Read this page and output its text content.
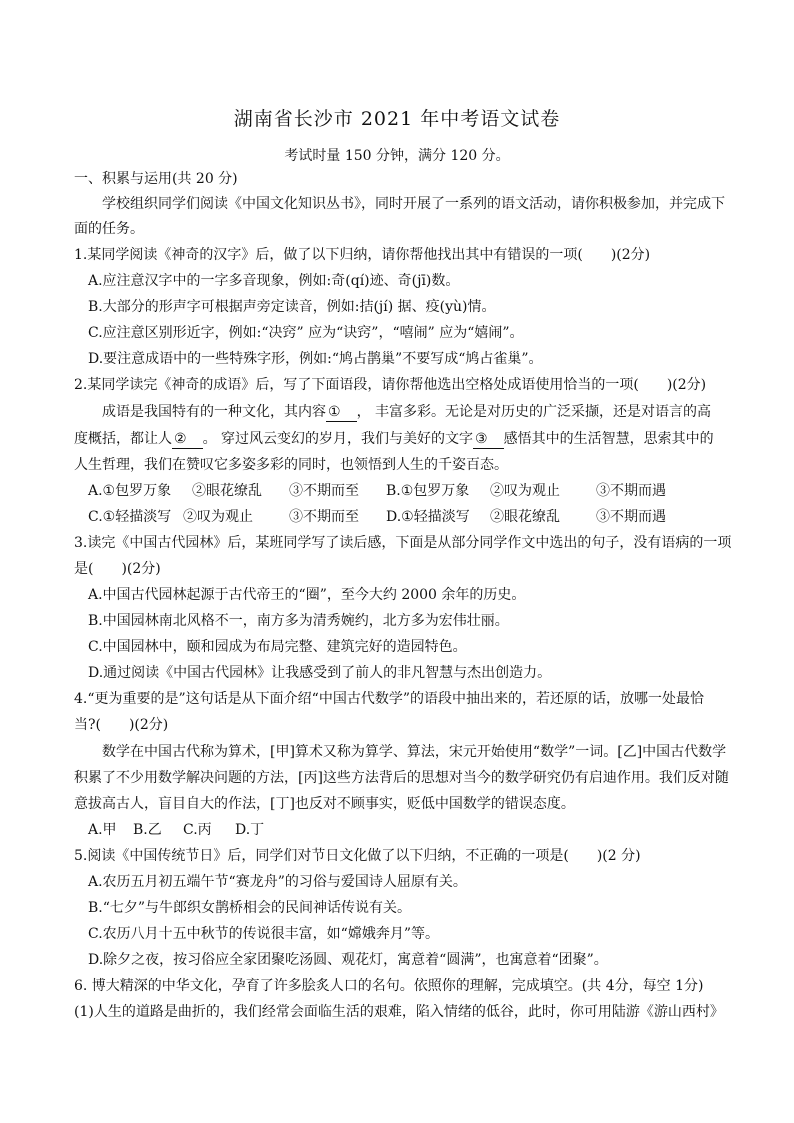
湖南省长沙市 2021 年中考语文试卷
考试时量 150 分钟，满分 120 分。
一、积累与运用(共 20 分)
学校组织同学们阅读《中国文化知识丛书》，同时开展了一系列的语文活动，请你积极参加，并完成下
面的任务。
1.某同学阅读《神奇的汉字》后，做了以下归纳，请你帮他找出其中有错误的一项(　　)(2分)
A.应注意汉字中的一字多音现象，例如:奇(qí)迹、奇(jī)数。
B.大部分的形声字可根据声旁定读音，例如:拮(jí) 据、疫(yù)情。
C.应注意区别形近字，例如:“决窍” 应为“诀窍”，“嘻闹” 应为“嬉闹”。
D.要注意成语中的一些特殊字形，例如:“鸠占鹊巢”不要写成“鸠占雀巢”。
2.某同学读完《神奇的成语》后，写了下面语段，请你帮他选出空格处成语使用恰当的一项(　　)(2分)
成语是我国特有的一种文化，其内容 ①　， 丰富多彩。无论是对历史的广泛采撷，还是对语言的高
度概括，都让人 ②　。 穿过风云变幻的岁月，我们与美好的文字 ③　感悟其中的生活智慧，思索其中的
人生哲理，我们在赞叹它多姿多彩的同时，也领悟到人生的千姿百态。
A.①包罗万象 ②眼花缭乱 ③不期而至 B.①包罗万象 ②叹为观止	③不期而遇
C.①轻描淡写 ②叹为观止	③不期而至 D.①轻描淡写 ②眼花缭乱	③不期而遇
3.读完《中国古代园林》后，某班同学写了读后感，下面是从部分同学作文中选出的句子，没有语病的一项
是(　　)(2分)
A.中国古代园林起源于古代帝王的“圈”，至今大约 2000 余年的历史。
B.中国园林南北风格不一，南方多为清秀婉约，北方多为宏伟壮丽。
C.中国园林中，颐和园成为布局完整、建筑完好的造园特色。
D.通过阅读《中国古代园林》让我感受到了前人的非凡智慧与杰出创造力。
4.“更为重要的是”这句话是从下面介绍“中国古代数学”的语段中抽出来的，若还原的话，放哪一处最恰
当?(　　)(2分)
数学在中国古代称为算术，[甲]算术又称为算学、算法，宋元开始使用“数学”一词。[乙]中国古代数学
积累了不少用数学解决问题的方法，[丙]这些方法背后的思想对当今的数学研究仍有启迪作用。我们反对随
意拔高古人，盲目自大的作法，[丁]也反对不顾事实，贬低中国数学的错误态度。
A.甲 B.乙 C.丙 D.丁
5.阅读《中国传统节日》后，同学们对节日文化做了以下归纳，不正确的一项是(　　)(2 分)
A.农历五月初五端午节“赛龙舟”的习俗与爱国诗人屈原有关。
B.“七夕”与牛郎织女鹊桥相会的民间神话传说有关。
C.农历八月十五中秋节的传说很丰富，如“嫦娥奔月”等。
D.除夕之夜，按习俗应全家团聚吃汤圆、观花灯，寓意着“圆满”，也寓意着“团聚”。
6. 博大精深的中华文化，孕育了许多脍炙人口的名句。依照你的理解，完成填空。(共 4分，每空 1分)
(1)人生的道路是曲折的，我们经常会面临生活的艰难，陷入情绪的低谷，此时，你可用陆游《游山西村》
